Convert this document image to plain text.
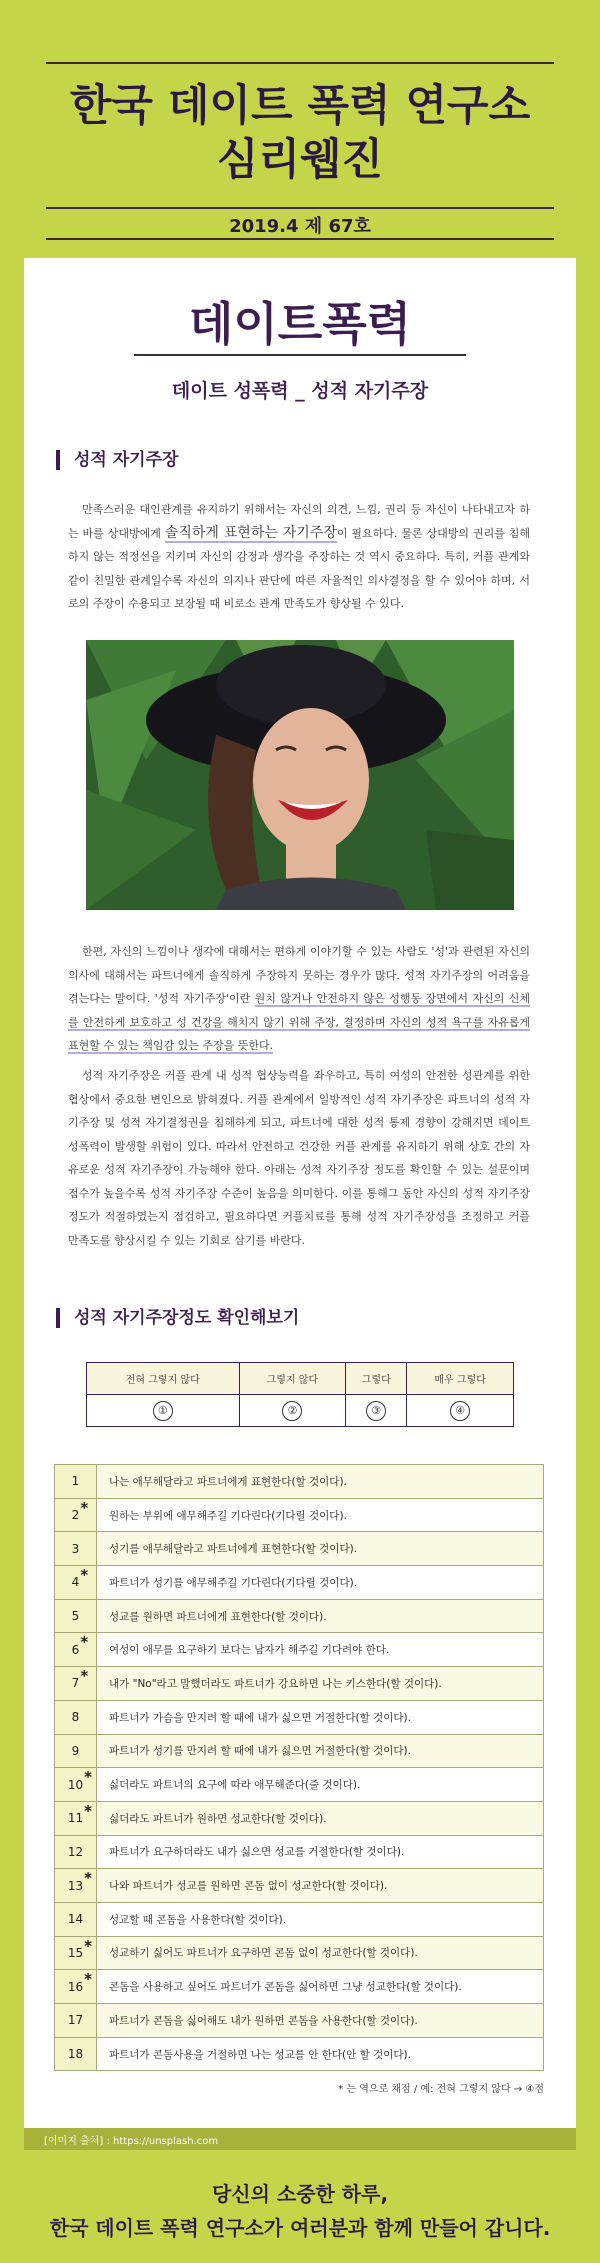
한국 데이트 폭력 연구소
심리웹진
2019.4 제 67호
데이트폭력
데이트 성폭력 _ 성적 자기주장
성적 자기주장
만족스러운 대인관계를 유지하기 위해서는 자신의 의견, 느낌, 권리 등 자신이 나타내고자 하는 바를 상대방에게 솔직하게 표현하는 자기주장이 필요하다. 물론 상대방의 권리를 침해하지 않는 적정선을 지키며 자신의 감정과 생각을 주장하는 것 역시 중요하다. 특히, 커플 관계와 같이 친밀한 관계일수록 자신의 의지나 판단에 따른 자율적인 의사결정을 할 수 있어야 하며, 서로의 주장이 수용되고 보장될 때 비로소 관계 만족도가 향상될 수 있다.
한편, 자신의 느낌이나 생각에 대해서는 편하게 이야기할 수 있는 사람도 '성'과 관련된 자신의 의사에 대해서는 파트너에게 솔직하게 주장하지 못하는 경우가 많다. 성적 자기주장의 어려움을 겪는다는 말이다. '성적 자기주장'이란 원치 않거나 안전하지 않은 성행동 장면에서 자신의 신체를 안전하게 보호하고 성 건강을 해치지 않기 위해 주장, 결정하며 자신의 성적 욕구를 자유롭게 표현할 수 있는 책임감 있는 주장을 뜻한다.
성적 자기주장은 커플 관계 내 성적 협상능력을 좌우하고, 특히 여성의 안전한 성관계를 위한 협상에서 중요한 변인으로 밝혀졌다. 커플 관계에서 일방적인 성적 자기주장은 파트너의 성적 자기주장 및 성적 자기결정권을 침해하게 되고, 파트너에 대한 성적 통제 경향이 강해지면 데이트 성폭력이 발생할 위험이 있다. 따라서 안전하고 건강한 커플 관계를 유지하기 위해 상호 간의 자유로운 성적 자기주장이 가능해야 한다. 아래는 성적 자기주장 정도를 확인할 수 있는 설문이며 점수가 높을수록 성적 자기주장 수준이 높음을 의미한다. 이를 통해그 동안 자신의 성적 자기주장 정도가 적절하였는지 점검하고, 필요하다면 커플치료를 통해 성적 자기주장성을 조정하고 커플 만족도를 향상시킬 수 있는 기회로 삼기를 바란다.
성적 자기주장정도 확인해보기
전혀 그렇지 않다	그렇지 않다	그렇다	매우 그렇다
①	②	③	④
1	나는 애무해달라고 파트너에게 표현한다(할 것이다).
2 *	원하는 부위에 애무해주길 기다린다(기다릴 것이다).
3	성기를 애무해달라고 파트너에게 표현한다(할 것이다).
4 *	파트너가 성기를 애무해주길 기다린다(기다릴 것이다).
5	성교를 원하면 파트너에게 표현한다(할 것이다).
6 *	여성이 애무를 요구하기 보다는 남자가 해주길 기다려야 한다.
7 *	내가 "No"라고 말했더라도 파트너가 강요하면 나는 키스한다(할 것이다).
8	파트너가 가슴을 만지려 할 때에 내가 싫으면 거절한다(할 것이다).
9	파트너가 성기를 만지려 할 때에 내가 싫으면 거절한다(할 것이다).
10 *	싫더라도 파트너의 요구에 따라 애무해준다(줄 것이다).
11 *	싫더라도 파트너가 원하면 성교한다(할 것이다).
12	파트너가 요구하더라도 내가 싫으면 성교를 거절한다(할 것이다).
13 *	나와 파트너가 성교를 원하면 콘돔 없이 성교한다(할 것이다).
14	성교할 때 콘돔을 사용한다(할 것이다).
15 *	성교하기 싫어도 파트너가 요구하면 콘돔 없이 성교한다(할 것이다).
16 *	콘돔을 사용하고 싶어도 파트너가 콘돔을 싫어하면 그냥 성교한다(할 것이다).
17	파트너가 콘돔을 싫어해도 내가 원하면 콘돔을 사용한다(할 것이다).
18	파트너가 콘돔사용을 거절하면 나는 성교를 안 한다(안 할 것이다).
* 는 역으로 채점 / 예: 전혀 그렇지 않다 → ④점
[이미지 출처] : https://unsplash.com
당신의 소중한 하루,
한국 데이트 폭력 연구소가 여러분과 함께 만들어 갑니다.
